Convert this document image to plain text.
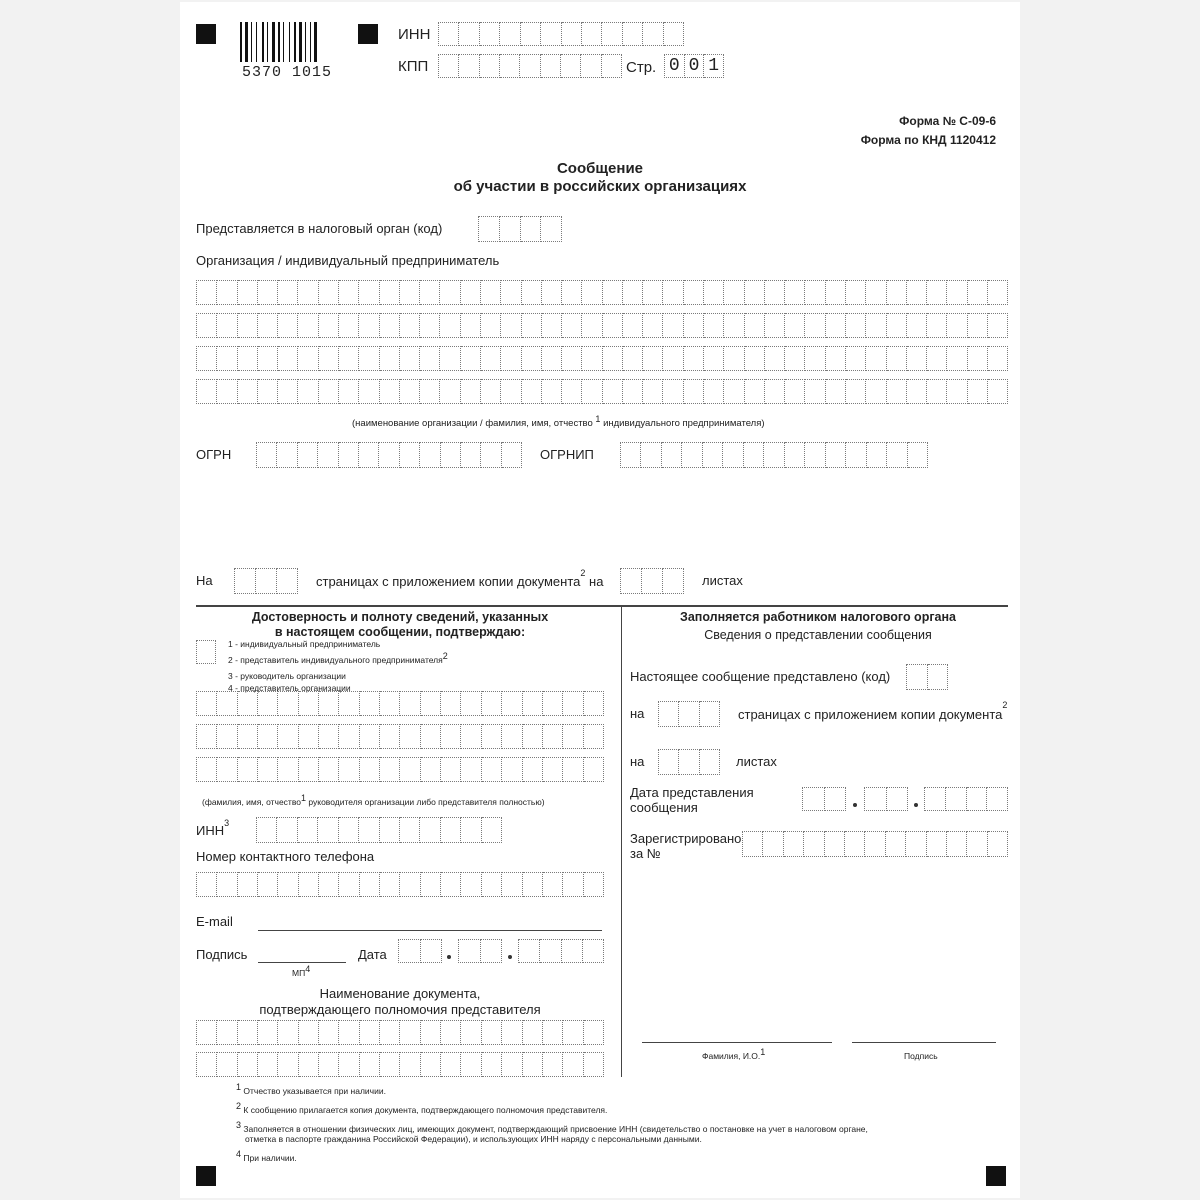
5370 1015
ИНН
КПП	Стр. 0 0 1
Форма № С-09-6
Форма по КНД 1120412
Сообщение
об участии в российских организациях
Представляется в налоговый орган (код)
Организация / индивидуальный предприниматель
(наименование организации / фамилия, имя, отчество $^1$ индивидуального предпринимателя)
ОГРН	ОГРНИП
На	страницах с приложением копии документа$^2$ на	листах
Достоверность и полноту сведений, указанных
в настоящем сообщении, подтверждаю:
1 - индивидуальный предприниматель
2 - представитель индивидуального предпринимателя$^2$
3 - руководитель организации
4 - представитель организации
(фамилия, имя, отчество$^1$ руководителя организации либо представителя полностью)
ИНН$^3$
Номер контактного телефона
E-mail
Подпись
$МП^4$
Дата
Наименование документа,
подтверждающего полномочия представителя
Заполняется работником налогового органа
Сведения о представлении сообщения
Настоящее сообщение представлено (код)
на	страницах с приложением копии документа$^2$
на	листах
Дата представления
сообщения
Зарегистрировано
за №
Фамилия, И.О.$^1$	Подпись
$^1$ Отчество указывается при наличии.
$^2$ К сообщению прилагается копия документа, подтверждающего полномочия представителя.
$^3$ Заполняется в отношении физических лиц, имеющих документ, подтверждающий присвоение ИНН (свидетельство о постановке на учет в налоговом органе,
отметка в паспорте гражданина Российской Федерации), и использующих ИНН наряду с персональными данными.
$^4$ При наличии.
